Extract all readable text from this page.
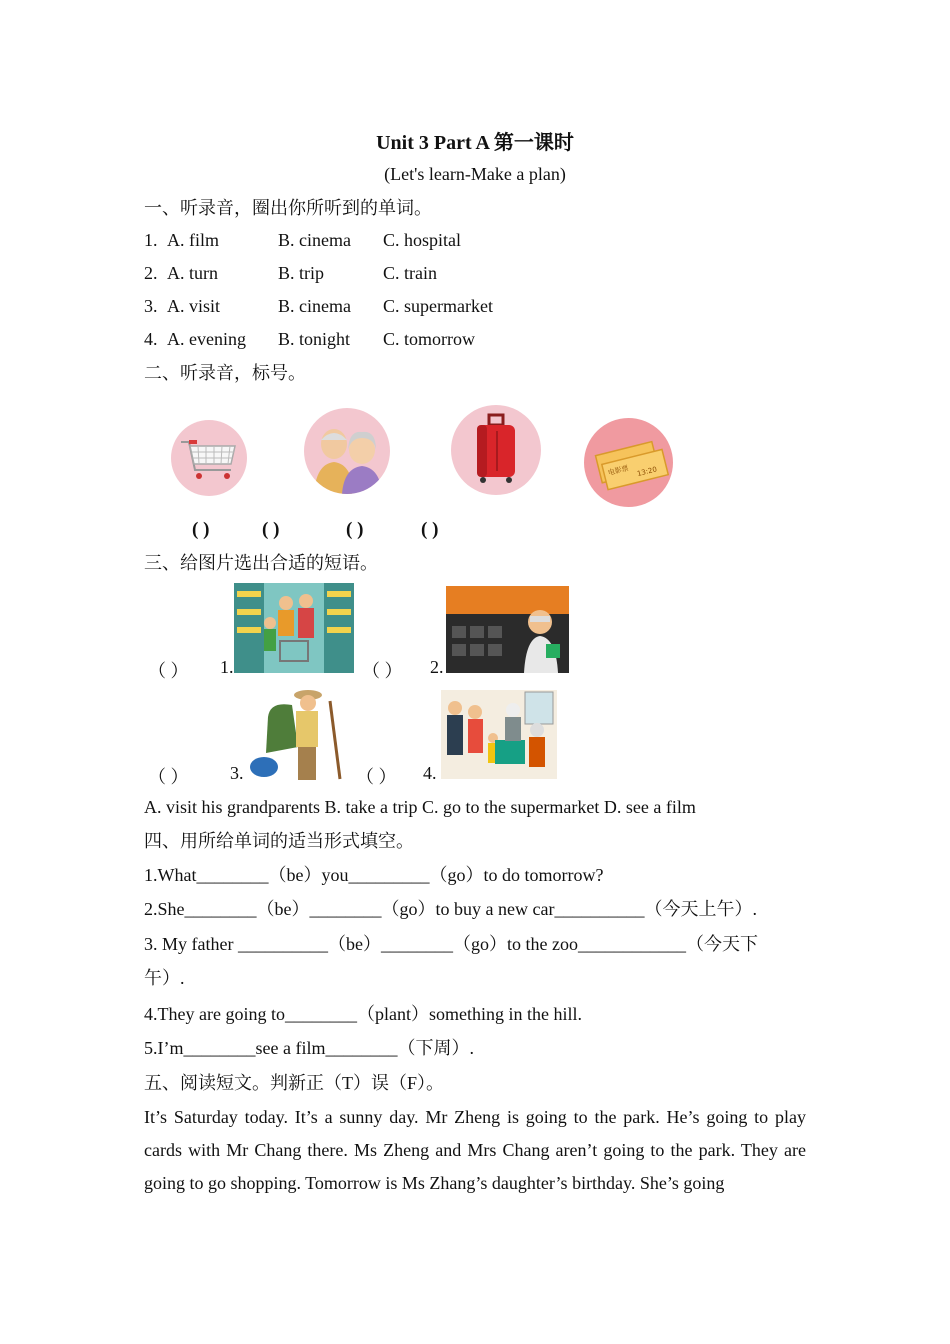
Unit 3 Part A 第一课时
(Let's learn-Make a plan)
一、听录音，圈出你所听到的单词。
1. A. film	B. cinema C. hospital
2. A. turn	B. trip	C. train
3. A. visit	B. cinema C. supermarket
4. A. evening B. tonight C. tomorrow
二、听录音，标号。
电影票 13:20
( )	( )	( )	( )
三、给图片选出合适的短语。
（ ） 1.	（ ） 2.
（ ） 3.	（ ） 4.
A. visit his grandparents B. take a trip C. go to the supermarket D. see a film
四、用所给单词的适当形式填空。
1.What________（be）you_________（go）to do tomorrow?
2.She________（be）________（go）to buy a new car__________（今天上午）.
3. My father __________（be）________（go）to the zoo____________（今天下
午）.
4.They are going to________（plant）something in the hill.
5.I’m________see a film________（下周）.
五、阅读短文。判新正（T）误（F）。
It’s Saturday today. It’s a sunny day. Mr Zheng is going to the park. He’s going to play cards with Mr Chang there. Ms Zheng and Mrs Chang aren’t going to the park. They are going to go shopping. Tomorrow is Ms Zhang’s daughter’s birthday. She’s going
